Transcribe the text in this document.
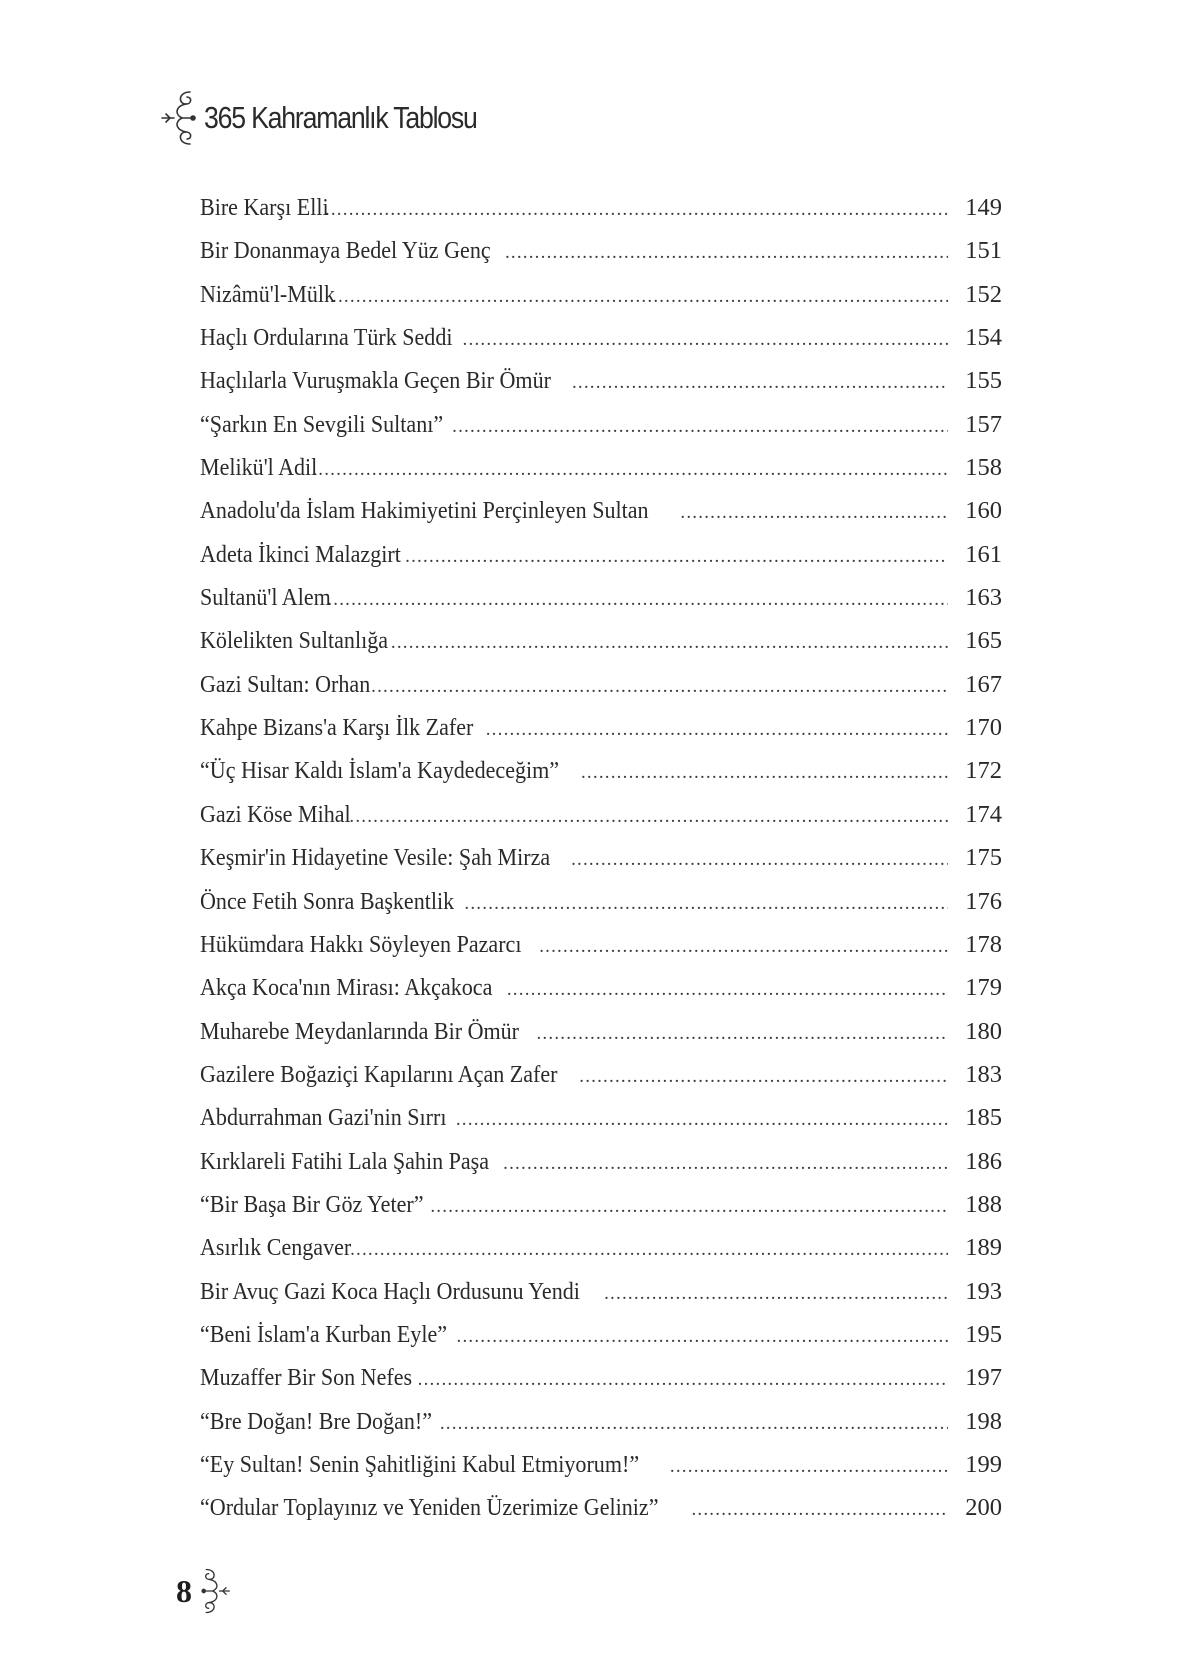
365 Kahramanlık Tablosu
Bire Karşı Elli .....	149
Bir Donanmaya Bedel Yüz Genç .....	151
Nizâmü'l-Mülk .....	152
Haçlı Ordularına Türk Seddi .....	154
Haçlılarla Vuruşmakla Geçen Bir Ömür .....	155
“Şarkın En Sevgili Sultanı” .....	157
Melikü'l Adil .....	158
Anadolu'da İslam Hakimiyetini Perçinleyen Sultan .....	160
Adeta İkinci Malazgirt .....	161
Sultanü'l Alem .....	163
Kölelikten Sultanlığa .....	165
Gazi Sultan: Orhan .....	167
Kahpe Bizans'a Karşı İlk Zafer .....	170
“Üç Hisar Kaldı İslam'a Kaydedeceğim” .....	172
Gazi Köse Mihal .....	174
Keşmir'in Hidayetine Vesile: Şah Mirza .....	175
Önce Fetih Sonra Başkentlik .....	176
Hükümdara Hakkı Söyleyen Pazarcı .....	178
Akça Koca'nın Mirası: Akçakoca .....	179
Muharebe Meydanlarında Bir Ömür .....	180
Gazilere Boğaziçi Kapılarını Açan Zafer .....	183
Abdurrahman Gazi'nin Sırrı .....	185
Kırklareli Fatihi Lala Şahin Paşa .....	186
“Bir Başa Bir Göz Yeter” .....	188
Asırlık Cengaver .....	189
Bir Avuç Gazi Koca Haçlı Ordusunu Yendi .....	193
“Beni İslam'a Kurban Eyle” .....	195
Muzaffer Bir Son Nefes .....	197
“Bre Doğan! Bre Doğan!” .....	198
“Ey Sultan! Senin Şahitliğini Kabul Etmiyorum!” .....	199
“Ordular Toplayınız ve Yeniden Üzerimize Geliniz” .....	200
8
